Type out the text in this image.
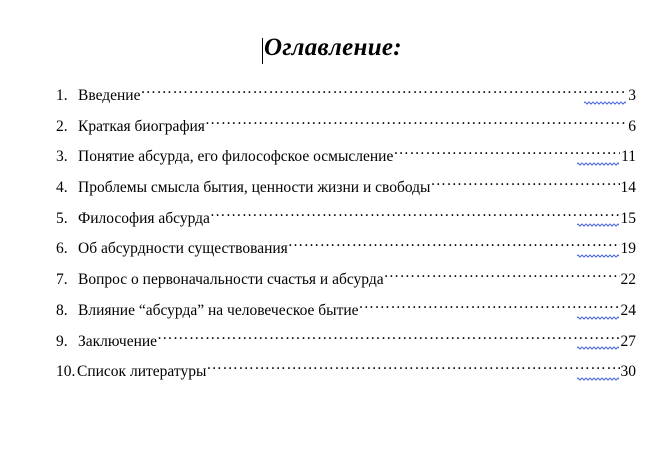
Оглавление:
1. Введение …………………………………………………………………………………………………………………………………………………………………	3
2. Краткая биография …………………………………………………………………………………………………………………………………………………………………	6
3. Понятие абсурда, его философское осмысление …………………………………………………………………………………………………………………………………………………………………	11
4. Проблемы смысла бытия, ценности жизни и свободы …………………………………………………………………………………………………………………………………………………………………	14
5. Философия абсурда …………………………………………………………………………………………………………………………………………………………………	15
6. Об абсурдности существования …………………………………………………………………………………………………………………………………………………………………	19
7. Вопрос о первоначальности счастья и абсурда …………………………………………………………………………………………………………………………………………………………………	22
8. Влияние “абсурда” на человеческое бытие …………………………………………………………………………………………………………………………………………………………………	24
9. Заключение …………………………………………………………………………………………………………………………………………………………………	27
10. Список литературы …………………………………………………………………………………………………………………………………………………………………	30
